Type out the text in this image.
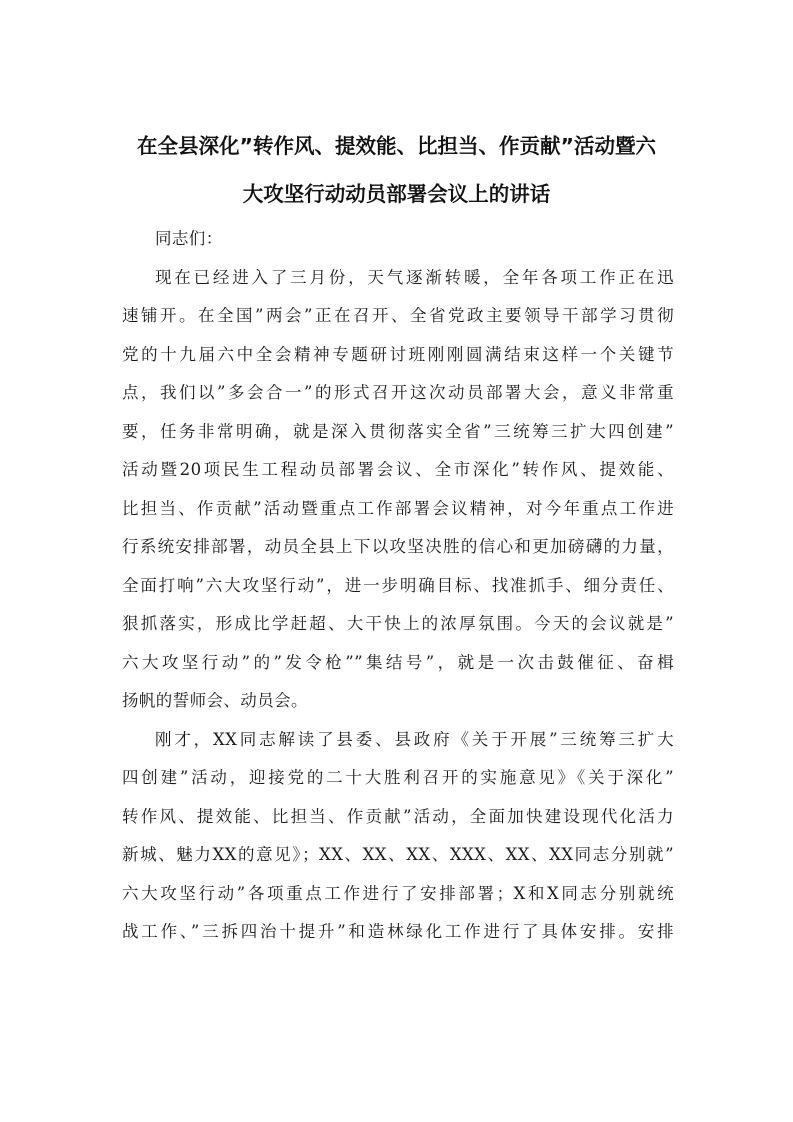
在全县深化”转作风、提效能、比担当、作贡献”活动暨六
大攻坚行动动员部署会议上的讲话

同志们：

现在已经进入了三月份，天气逐渐转暖，全年各项工作正在迅
速铺开。在全国”两会”正在召开、全省党政主要领导干部学习贯彻
党的十九届六中全会精神专题研讨班刚刚圆满结束这样一个关键节
点，我们以”多会合一”的形式召开这次动员部署大会，意义非常重
要，任务非常明确，就是深入贯彻落实全省”三统筹三扩大四创建”
活动暨20项民生工程动员部署会议、全市深化”转作风、提效能、
比担当、作贡献”活动暨重点工作部署会议精神，对今年重点工作进
行系统安排部署，动员全县上下以攻坚决胜的信心和更加磅礴的力量，
全面打响”六大攻坚行动”，进一步明确目标、找准抓手、细分责任、
狠抓落实，形成比学赶超、大干快上的浓厚氛围。今天的会议就是”
六大攻坚行动”的”发令枪””集结号”，就是一次击鼓催征、奋楫
扬帆的誓师会、动员会。

刚才，XX同志解读了县委、县政府《关于开展”三统筹三扩大
四创建”活动，迎接党的二十大胜利召开的实施意见》《关于深化”
转作风、提效能、比担当、作贡献”活动，全面加快建设现代化活力
新城、魅力XX的意见》；XX、XX、XX、XXX、XX、XX同志分别就”
六大攻坚行动”各项重点工作进行了安排部署；X和X同志分别就统
战工作、”三拆四治十提升”和造林绿化工作进行了具体安排。安排
